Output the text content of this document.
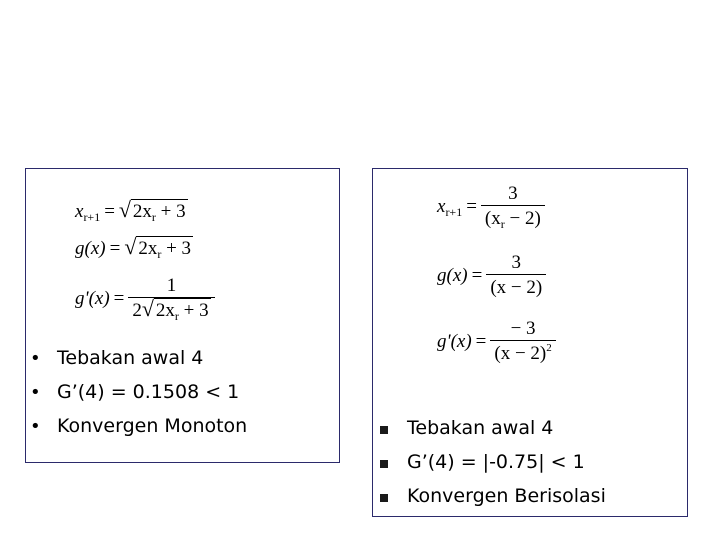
$x_{r+1}$ = √ $2x_r + 3$
g(x) = √ $2x_r + 3$
$g'(x) = \frac{1}{2 √ 2x_r + 3}$
• Tebakan awal 4
• G’(4) = 0.1508 < 1
• Konvergen Monoton
$x_{r+1} = \frac{3}{(x_r - 2)}$
$g(x) = \frac{3}{(x - 2)}$
$g'(x) = \frac{- 3}{(x - 2)^2}$
Tebakan awal 4
G’(4) = |-0.75| < 1
Konvergen Berisolasi
